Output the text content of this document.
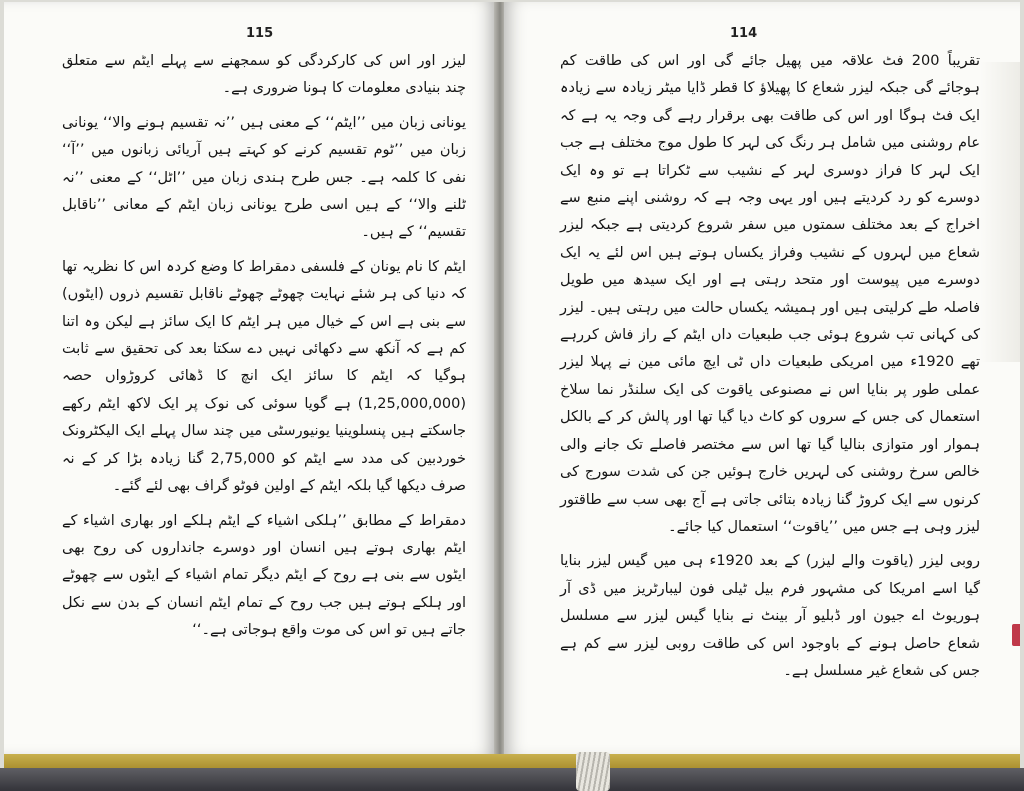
115

لیزر اور اس کی کارکردگی کو سمجھنے سے پہلے ایٹم سے متعلق چند بنیادی معلومات کا ہونا ضروری ہے۔

یونانی زبان میں ’’ایٹم‘‘ کے معنی ہیں ’’نہ تقسیم ہونے والا‘‘ یونانی زبان میں ’’ٹوم تقسیم کرنے کو کہتے ہیں آریائی زبانوں میں ’’آ‘‘ نفی کا کلمہ ہے۔ جس طرح ہندی زبان میں ’’اٹل‘‘ کے معنی ’’نہ ٹلنے والا‘‘ کے ہیں اسی طرح یونانی زبان ایٹم کے معانی ’’ناقابل تقسیم‘‘ کے ہیں۔

ایٹم کا نام یونان کے فلسفی دمقراط کا وضع کردہ اس کا نظریہ تھا کہ دنیا کی ہر شئے نہایت چھوٹے چھوٹے ناقابل تقسیم ذروں (ایٹوں) سے بنی ہے اس کے خیال میں ہر ایٹم کا ایک سائز ہے لیکن وہ اتنا کم ہے کہ آنکھ سے دکھائی نہیں دے سکتا بعد کی تحقیق سے ثابت ہوگیا کہ ایٹم کا سائز ایک انچ کا ڈھائی کروڑواں حصہ (1,25,000,000) ہے گویا سوئی کی نوک پر ایک لاکھ ایٹم رکھے جاسکتے ہیں پنسلوینیا یونیورسٹی میں چند سال پہلے ایک الیکٹرونک خوردبین کی مدد سے ایٹم کو 2,75,000 گنا زیادہ بڑا کر کے نہ صرف دیکھا گیا بلکہ ایٹم کے اولین فوٹو گراف بھی لئے گئے۔

دمقراط کے مطابق ’’ہلکی اشیاء کے ایٹم ہلکے اور بھاری اشیاء کے ایٹم بھاری ہوتے ہیں انسان اور دوسرے جانداروں کی روح بھی ایٹوں سے بنی ہے روح کے ایٹم دیگر تمام اشیاء کے ایٹوں سے چھوٹے اور ہلکے ہوتے ہیں جب روح کے تمام ایٹم انسان کے بدن سے نکل جاتے ہیں تو اس کی موت واقع ہوجاتی ہے۔‘‘

114

تقریباً 200 فٹ علاقہ میں پھیل جائے گی اور اس کی طاقت کم ہوجائے گی جبکہ لیزر شعاع کا پھیلاؤ کا قطر ڈایا میٹر زیادہ سے زیادہ ایک فٹ ہوگا اور اس کی طاقت بھی برقرار رہے گی وجہ یہ ہے کہ عام روشنی میں شامل ہر رنگ کی لہر کا طول موج مختلف ہے جب ایک لہر کا فراز دوسری لہر کے نشیب سے ٹکراتا ہے تو وہ ایک دوسرے کو رد کردیتے ہیں اور یہی وجہ ہے کہ روشنی اپنے منبع سے اخراج کے بعد مختلف سمتوں میں سفر شروع کردیتی ہے جبکہ لیزر شعاع میں لہروں کے نشیب وفراز یکساں ہوتے ہیں اس لئے یہ ایک دوسرے میں پیوست اور متحد رہتی ہے اور ایک سیدھ میں طویل فاصلہ طے کرلیتی ہیں اور ہمیشہ یکساں حالت میں رہتی ہیں۔ لیزر کی کہانی تب شروع ہوئی جب طبعیات داں ایٹم کے راز فاش کررہے تھے 1920ء میں امریکی طبعیات داں ٹی ایچ مائی مین نے پہلا لیزر عملی طور پر بنایا اس نے مصنوعی یاقوت کی ایک سلنڈر نما سلاخ استعمال کی جس کے سروں کو کاٹ دیا گیا تھا اور پالش کر کے بالکل ہموار اور متوازی بنالیا گیا تھا اس سے مختصر فاصلے تک جانے والی خالص سرخ روشنی کی لہریں خارج ہوئیں جن کی شدت سورج کی کرنوں سے ایک کروڑ گنا زیادہ بتائی جاتی ہے آج بھی سب سے طاقتور لیزر وہی ہے جس میں ’’یاقوت‘‘ استعمال کیا جائے۔

روبی لیزر (یاقوت والے لیزر) کے بعد 1920ء ہی میں گیس لیزر بنایا گیا اسے امریکا کی مشہور فرم بیل ٹیلی فون لیبارٹریز میں ڈی آر ہوریوٹ اے جیون اور ڈبلیو آر بینٹ نے بنایا گیس لیزر سے مسلسل شعاع حاصل ہونے کے باوجود اس کی طاقت روبی لیزر سے کم ہے جس کی شعاع غیر مسلسل ہے۔
